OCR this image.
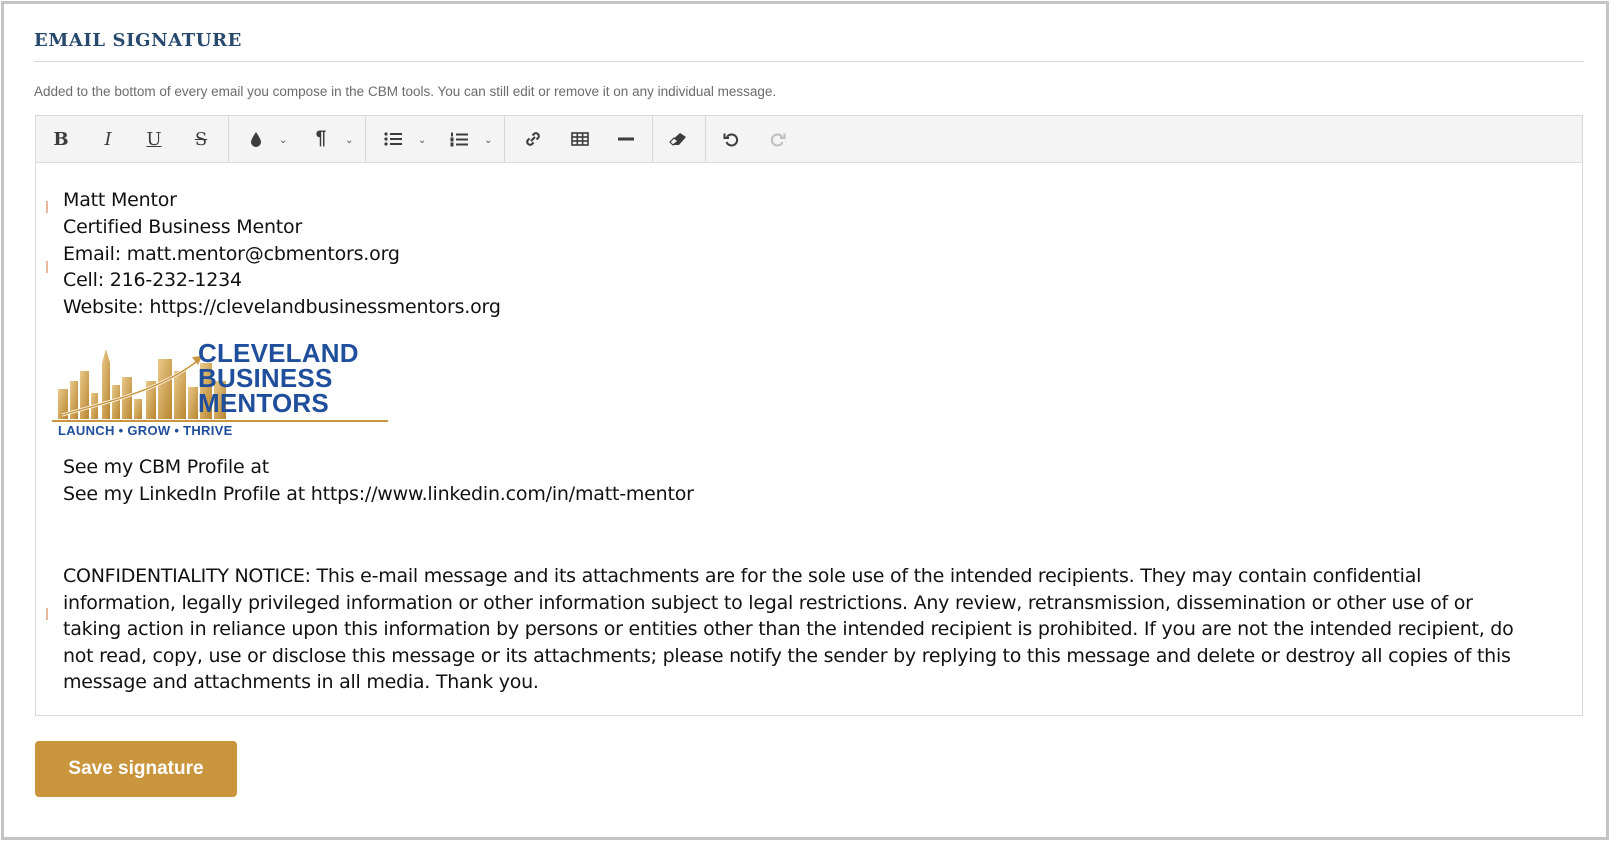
EMAIL SIGNATURE
Added to the bottom of every email you compose in the CBM tools. You can still edit or remove it on any individual message.
B I U S	⌄ ¶ ⌄	⌄	⌄
Matt Mentor
Certified Business Mentor
Email: matt.mentor@cbmentors.org
Cell: 216-232-1234
Website: https://clevelandbusinessmentors.org
CLEVELAND
BUSINESS
MENTORS
LAUNCH • GROW • THRIVE
See my CBM Profile at
See my LinkedIn Profile at https://www.linkedin.com/in/matt-mentor
CONFIDENTIALITY NOTICE: This e-mail message and its attachments are for the sole use of the intended recipients. They may contain confidential information, legally privileged information or other information subject to legal restrictions. Any review, retransmission, dissemination or other use of or taking action in reliance upon this information by persons or entities other than the intended recipient is prohibited. If you are not the intended recipient, do not read, copy, use or disclose this message or its attachments; please notify the sender by replying to this message and delete or destroy all copies of this message and attachments in all media. Thank you.
Save signature
